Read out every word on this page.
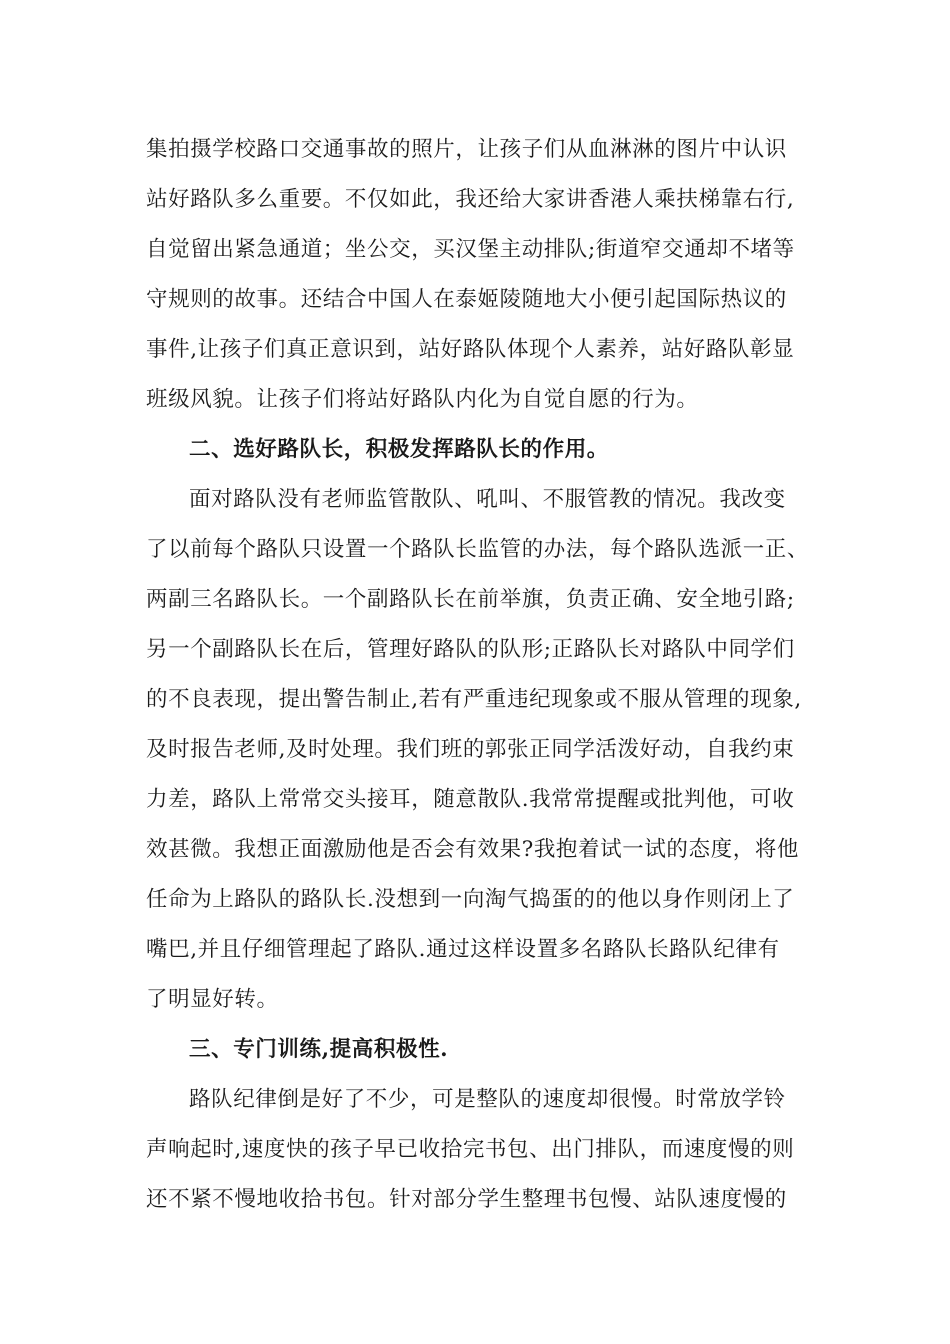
集拍摄学校路口交通事故的照片，让孩子们从血淋淋的图片中认识
站好路队多么重要。不仅如此，我还给大家讲香港人乘扶梯靠右行,
自觉留出紧急通道；坐公交，买汉堡主动排队;街道窄交通却不堵等
守规则的故事。还结合中国人在泰姬陵随地大小便引起国际热议的
事件,让孩子们真正意识到，站好路队体现个人素养，站好路队彰显
班级风貌。让孩子们将站好路队内化为自觉自愿的行为。
二、选好路队长，积极发挥路队长的作用。
面对路队没有老师监管散队、吼叫、不服管教的情况。我改变
了以前每个路队只设置一个路队长监管的办法，每个路队选派一正、
两副三名路队长。一个副路队长在前举旗，负责正确、安全地引路;
另一个副路队长在后，管理好路队的队形;正路队长对路队中同学们
的不良表现，提出警告制止,若有严重违纪现象或不服从管理的现象,
及时报告老师,及时处理。我们班的郭张正同学活泼好动，自我约束
力差，路队上常常交头接耳，随意散队.我常常提醒或批判他，可收
效甚微。我想正面激励他是否会有效果?我抱着试一试的态度，将他
任命为上路队的路队长.没想到一向淘气捣蛋的的他以身作则闭上了
嘴巴,并且仔细管理起了路队.通过这样设置多名路队长路队纪律有
了明显好转。
三、专门训练,提高积极性.
路队纪律倒是好了不少，可是整队的速度却很慢。时常放学铃
声响起时,速度快的孩子早已收拾完书包、出门排队，而速度慢的则
还不紧不慢地收拾书包。针对部分学生整理书包慢、站队速度慢的
